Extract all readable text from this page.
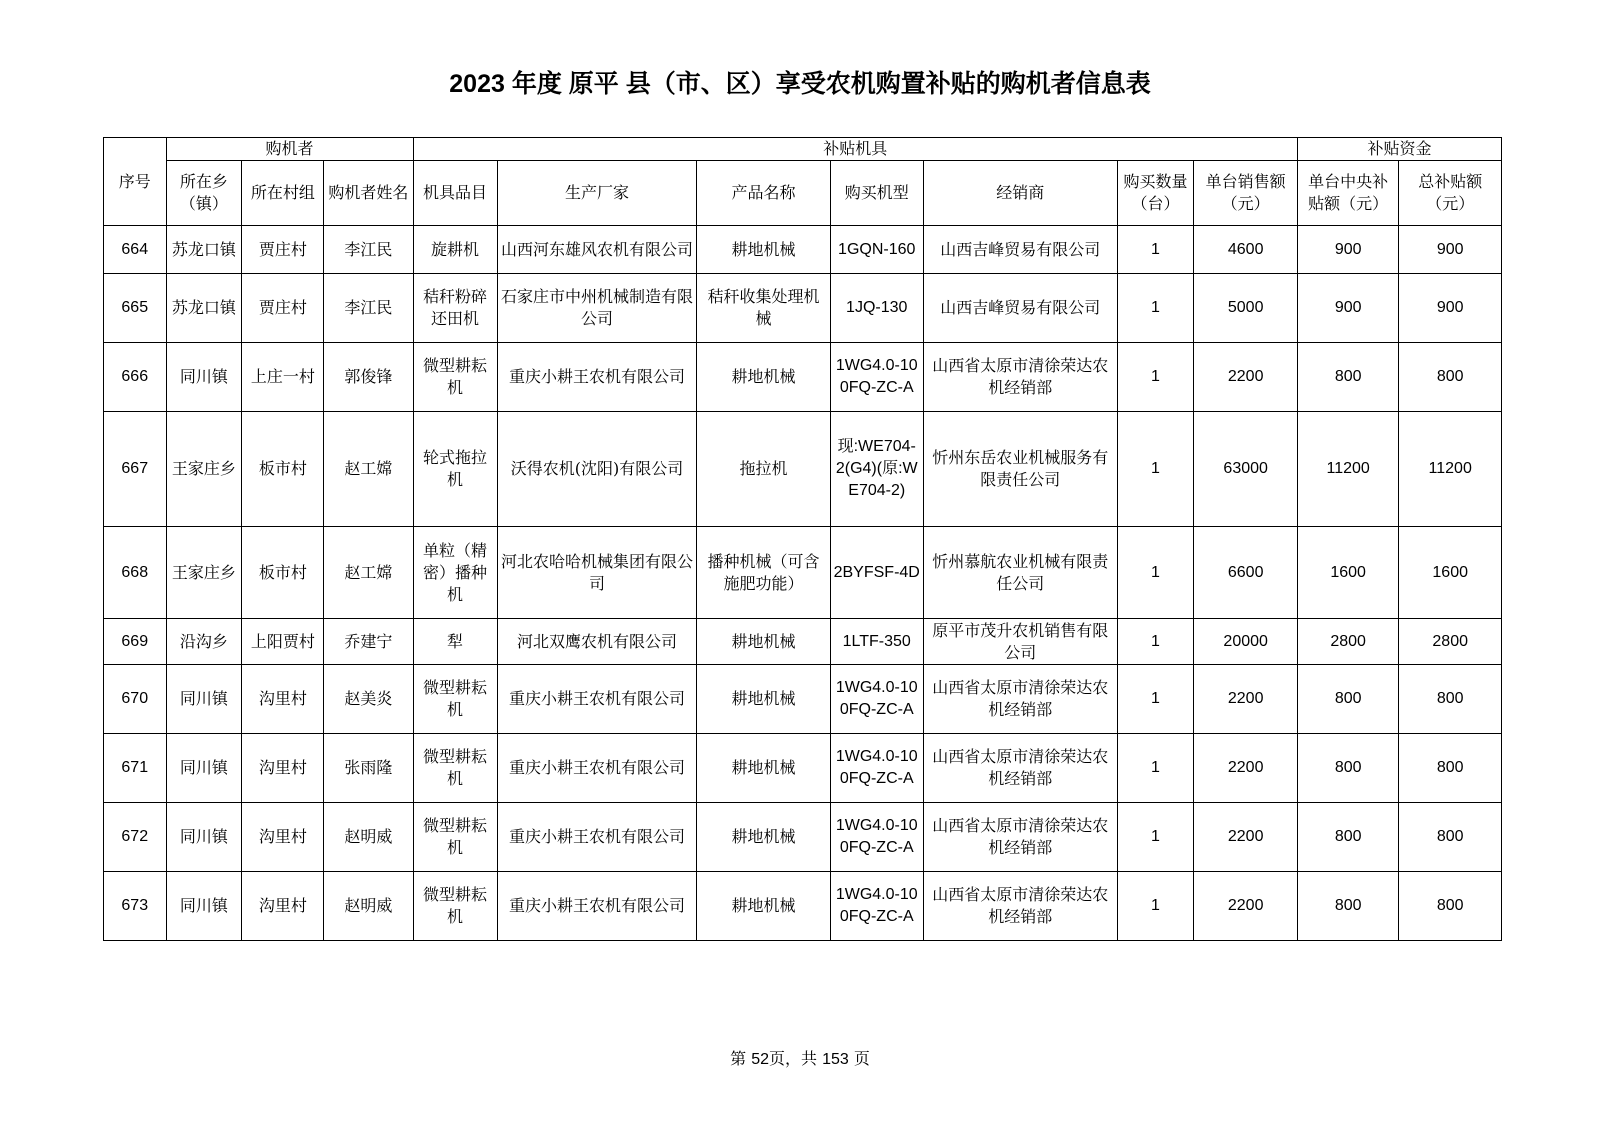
2023 年度 原平 县（市、区）享受农机购置补贴的购机者信息表
序号	购机者			补贴机具							补贴资金	
	所在乡（镇）	所在村组	购机者姓名	机具品目	生产厂家	产品名称	购买机型	经销商	购买数量（台）	单台销售额（元）	单台中央补贴额（元）	总补贴额（元）
664	苏龙口镇	贾庄村	李江民	旋耕机	山西河东雄风农机有限公司	耕地机械	1GQN-160	山西吉峰贸易有限公司	1	4600	900	900
665	苏龙口镇	贾庄村	李江民	秸秆粉碎还田机	石家庄市中州机械制造有限公司	秸秆收集处理机械	1JQ-130	山西吉峰贸易有限公司	1	5000	900	900
666	同川镇	上庄一村	郭俊锋	微型耕耘机	重庆小耕王农机有限公司	耕地机械	1WG4.0-100FQ-ZC-A	山西省太原市清徐荣达农机经销部	1	2200	800	800
667	王家庄乡	板市村	赵工嫦	轮式拖拉机	沃得农机(沈阳)有限公司	拖拉机	现:WE704-2(G4)(原:WE704-2)	忻州东岳农业机械服务有限责任公司	1	63000	11200	11200
668	王家庄乡	板市村	赵工嫦	单粒（精密）播种机	河北农哈哈机械集团有限公司	播种机械（可含施肥功能）	2BYFSF-4D	忻州慕航农业机械有限责任公司	1	6600	1600	1600
669	沿沟乡	上阳贾村	乔建宁	犁	河北双鹰农机有限公司	耕地机械	1LTF-350	原平市茂升农机销售有限公司	1	20000	2800	2800
670	同川镇	沟里村	赵美炎	微型耕耘机	重庆小耕王农机有限公司	耕地机械	1WG4.0-100FQ-ZC-A	山西省太原市清徐荣达农机经销部	1	2200	800	800
671	同川镇	沟里村	张雨隆	微型耕耘机	重庆小耕王农机有限公司	耕地机械	1WG4.0-100FQ-ZC-A	山西省太原市清徐荣达农机经销部	1	2200	800	800
672	同川镇	沟里村	赵明威	微型耕耘机	重庆小耕王农机有限公司	耕地机械	1WG4.0-100FQ-ZC-A	山西省太原市清徐荣达农机经销部	1	2200	800	800
673	同川镇	沟里村	赵明威	微型耕耘机	重庆小耕王农机有限公司	耕地机械	1WG4.0-100FQ-ZC-A	山西省太原市清徐荣达农机经销部	1	2200	800	800
第 52页，共 153 页
